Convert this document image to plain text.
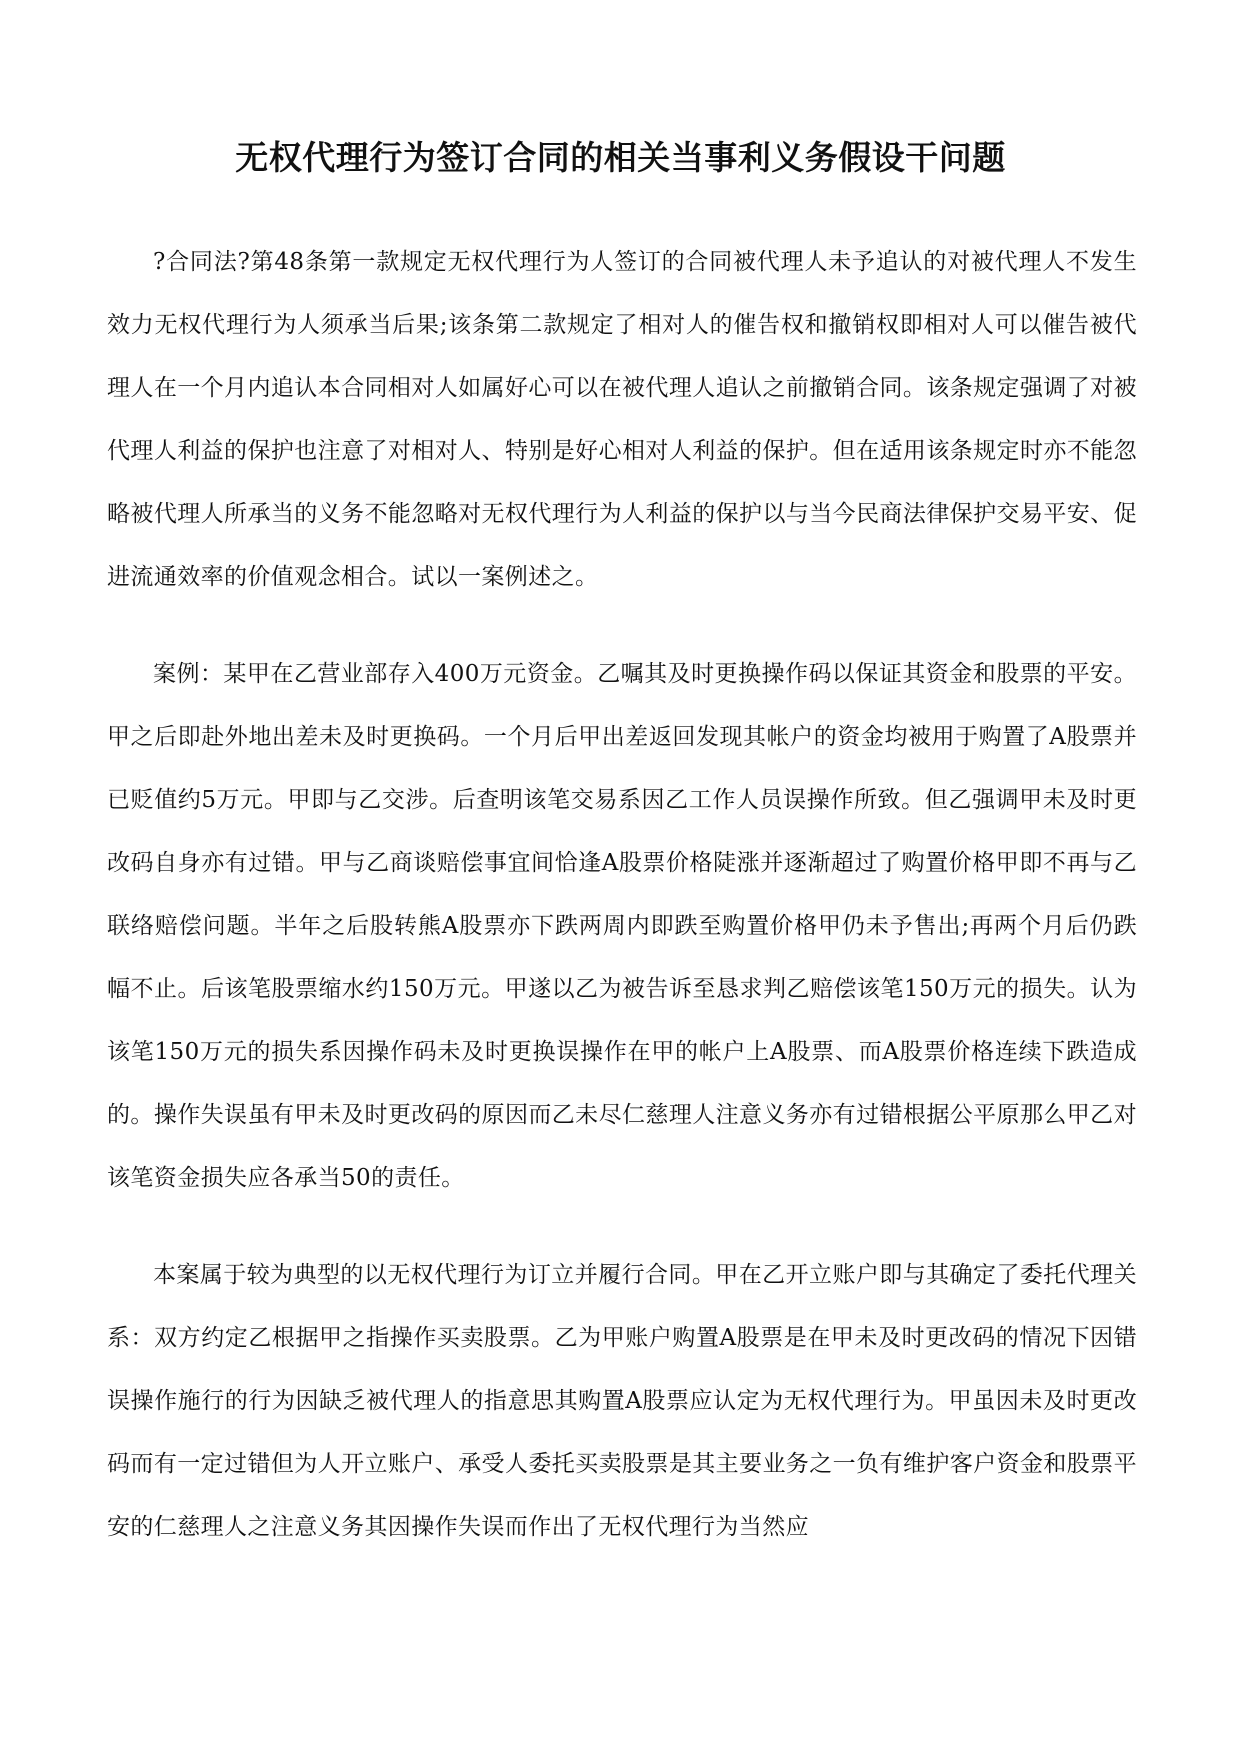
无权代理行为签订合同的相关当事利义务假设干问题

?合同法?第48条第一款规定无权代理行为人签订的合同被代理人未予追认的对被代理人不发生效力无权代理行为人须承当后果;该条第二款规定了相对人的催告权和撤销权即相对人可以催告被代理人在一个月内追认本合同相对人如属好心可以在被代理人追认之前撤销合同。该条规定强调了对被代理人利益的保护也注意了对相对人、特别是好心相对人利益的保护。但在适用该条规定时亦不能忽略被代理人所承当的义务不能忽略对无权代理行为人利益的保护以与当今民商法律保护交易平安、促进流通效率的价值观念相合。试以一案例述之。

案例：某甲在乙营业部存入400万元资金。乙嘱其及时更换操作码以保证其资金和股票的平安。甲之后即赴外地出差未及时更换码。一个月后甲出差返回发现其帐户的资金均被用于购置了A股票并已贬值约5万元。甲即与乙交涉。后查明该笔交易系因乙工作人员误操作所致。但乙强调甲未及时更改码自身亦有过错。甲与乙商谈赔偿事宜间恰逢A股票价格陡涨并逐渐超过了购置价格甲即不再与乙联络赔偿问题。半年之后股转熊A股票亦下跌两周内即跌至购置价格甲仍未予售出;再两个月后仍跌幅不止。后该笔股票缩水约150万元。甲遂以乙为被告诉至恳求判乙赔偿该笔150万元的损失。认为该笔150万元的损失系因操作码未及时更换误操作在甲的帐户上A股票、而A股票价格连续下跌造成的。操作失误虽有甲未及时更改码的原因而乙未尽仁慈理人注意义务亦有过错根据公平原那么甲乙对该笔资金损失应各承当50的责任。

本案属于较为典型的以无权代理行为订立并履行合同。甲在乙开立账户即与其确定了委托代理关系：双方约定乙根据甲之指操作买卖股票。乙为甲账户购置A股票是在甲未及时更改码的情况下因错误操作施行的行为因缺乏被代理人的指意思其购置A股票应认定为无权代理行为。甲虽因未及时更改码而有一定过错但为人开立账户、承受人委托买卖股票是其主要业务之一负有维护客户资金和股票平安的仁慈理人之注意义务其因操作失误而作出了无权代理行为当然应
